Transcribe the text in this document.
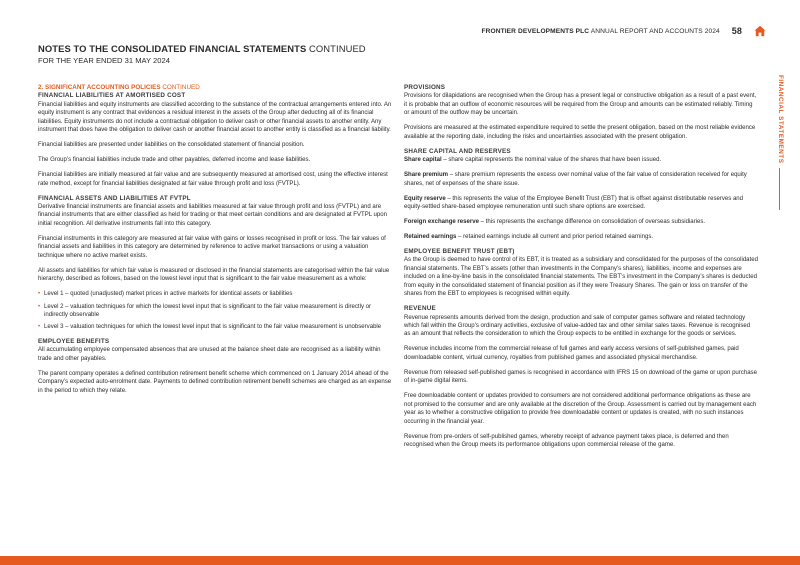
FRONTIER DEVELOPMENTS PLC ANNUAL REPORT AND ACCOUNTS 2024 58
NOTES TO THE CONSOLIDATED FINANCIAL STATEMENTS CONTINUED
FOR THE YEAR ENDED 31 MAY 2024
FINANCIAL STATEMENTS
2. SIGNIFICANT ACCOUNTING POLICIES CONTINUED
FINANCIAL LIABILITIES AT AMORTISED COST

Financial liabilities and equity instruments are classified according to the substance of the contractual arrangements entered into. An equity instrument is any contract that evidences a residual interest in the assets of the Group after deducting all of its financial liabilities. Equity instruments do not include a contractual obligation to deliver cash or other financial assets to another entity. Any instrument that does have the obligation to deliver cash or another financial asset to another entity is classified as a financial liability.

Financial liabilities are presented under liabilities on the consolidated statement of financial position.

The Group’s financial liabilities include trade and other payables, deferred income and lease liabilities.

Financial liabilities are initially measured at fair value and are subsequently measured at amortised cost, using the effective interest rate method, except for financial liabilities designated at fair value through profit and loss (FVTPL).

FINANCIAL ASSETS AND LIABILITIES AT FVTPL

Derivative financial instruments are financial assets and liabilities measured at fair value through profit and loss (FVTPL) and are financial instruments that are either classified as held for trading or that meet certain conditions and are designated at FVTPL upon initial recognition. All derivative instruments fall into this category.

Financial instruments in this category are measured at fair value with gains or losses recognised in profit or loss. The fair values of financial assets and liabilities in this category are determined by reference to active market transactions or using a valuation technique where no active market exists.

All assets and liabilities for which fair value is measured or disclosed in the financial statements are categorised within the fair value hierarchy, described as follows, based on the lowest level input that is significant to the fair value measurement as a whole:

• Level 1 – quoted (unadjusted) market prices in active markets for identical assets or liabilities
• Level 2 – valuation techniques for which the lowest level input that is significant to the fair value measurement is directly or indirectly observable
• Level 3 – valuation techniques for which the lowest level input that is significant to the fair value measurement is unobservable
EMPLOYEE BENEFITS

All accumulating employee compensated absences that are unused at the balance sheet date are recognised as a liability within trade and other payables.

The parent company operates a defined contribution retirement benefit scheme which commenced on 1 January 2014 ahead of the Company’s expected auto-enrolment date. Payments to defined contribution retirement benefit schemes are charged as an expense in the period to which they relate.

PROVISIONS

Provisions for dilapidations are recognised when the Group has a present legal or constructive obligation as a result of a past event, it is probable that an outflow of economic resources will be required from the Group and amounts can be estimated reliably. Timing or amount of the outflow may be uncertain.

Provisions are measured at the estimated expenditure required to settle the present obligation, based on the most reliable evidence available at the reporting date, including the risks and uncertainties associated with the present obligation.

SHARE CAPITAL AND RESERVES

Share capital – share capital represents the nominal value of the shares that have been issued.

Share premium – share premium represents the excess over nominal value of the fair value of consideration received for equity shares, net of expenses of the share issue.

Equity reserve – this represents the value of the Employee Benefit Trust (EBT) that is offset against distributable reserves and equity-settled share-based employee remuneration until such share options are exercised.

Foreign exchange reserve – this represents the exchange difference on consolidation of overseas subsidiaries.

Retained earnings – retained earnings include all current and prior period retained earnings.

EMPLOYEE BENEFIT TRUST (EBT)

As the Group is deemed to have control of its EBT, it is treated as a subsidiary and consolidated for the purposes of the consolidated financial statements. The EBT’s assets (other than investments in the Company’s shares), liabilities, income and expenses are included on a line-by-line basis in the consolidated financial statements. The EBT’s investment in the Company’s shares is deducted from equity in the consolidated statement of financial position as if they were Treasury Shares. The gain or loss on transfer of the shares from the EBT to employees is recognised within equity.

REVENUE

Revenue represents amounts derived from the design, production and sale of computer games software and related technology which fall within the Group’s ordinary activities, exclusive of value-added tax and other similar sales taxes. Revenue is recognised as an amount that reflects the consideration to which the Group expects to be entitled in exchange for the goods or services.

Revenue includes income from the commercial release of full games and early access versions of self-published games, paid downloadable content, virtual currency, royalties from published games and associated physical merchandise.

Revenue from released self-published games is recognised in accordance with IFRS 15 on download of the game or upon purchase of in-game digital items.

Free downloadable content or updates provided to consumers are not considered additional performance obligations as these are not promised to the consumer and are only available at the discretion of the Group. Assessment is carried out by management each year as to whether a constructive obligation to provide free downloadable content or updates is created, with no such instances occurring in the financial year.

Revenue from pre-orders of self-published games, whereby receipt of advance payment takes place, is deferred and then recognised when the Group meets its performance obligations upon commercial release of the game.
